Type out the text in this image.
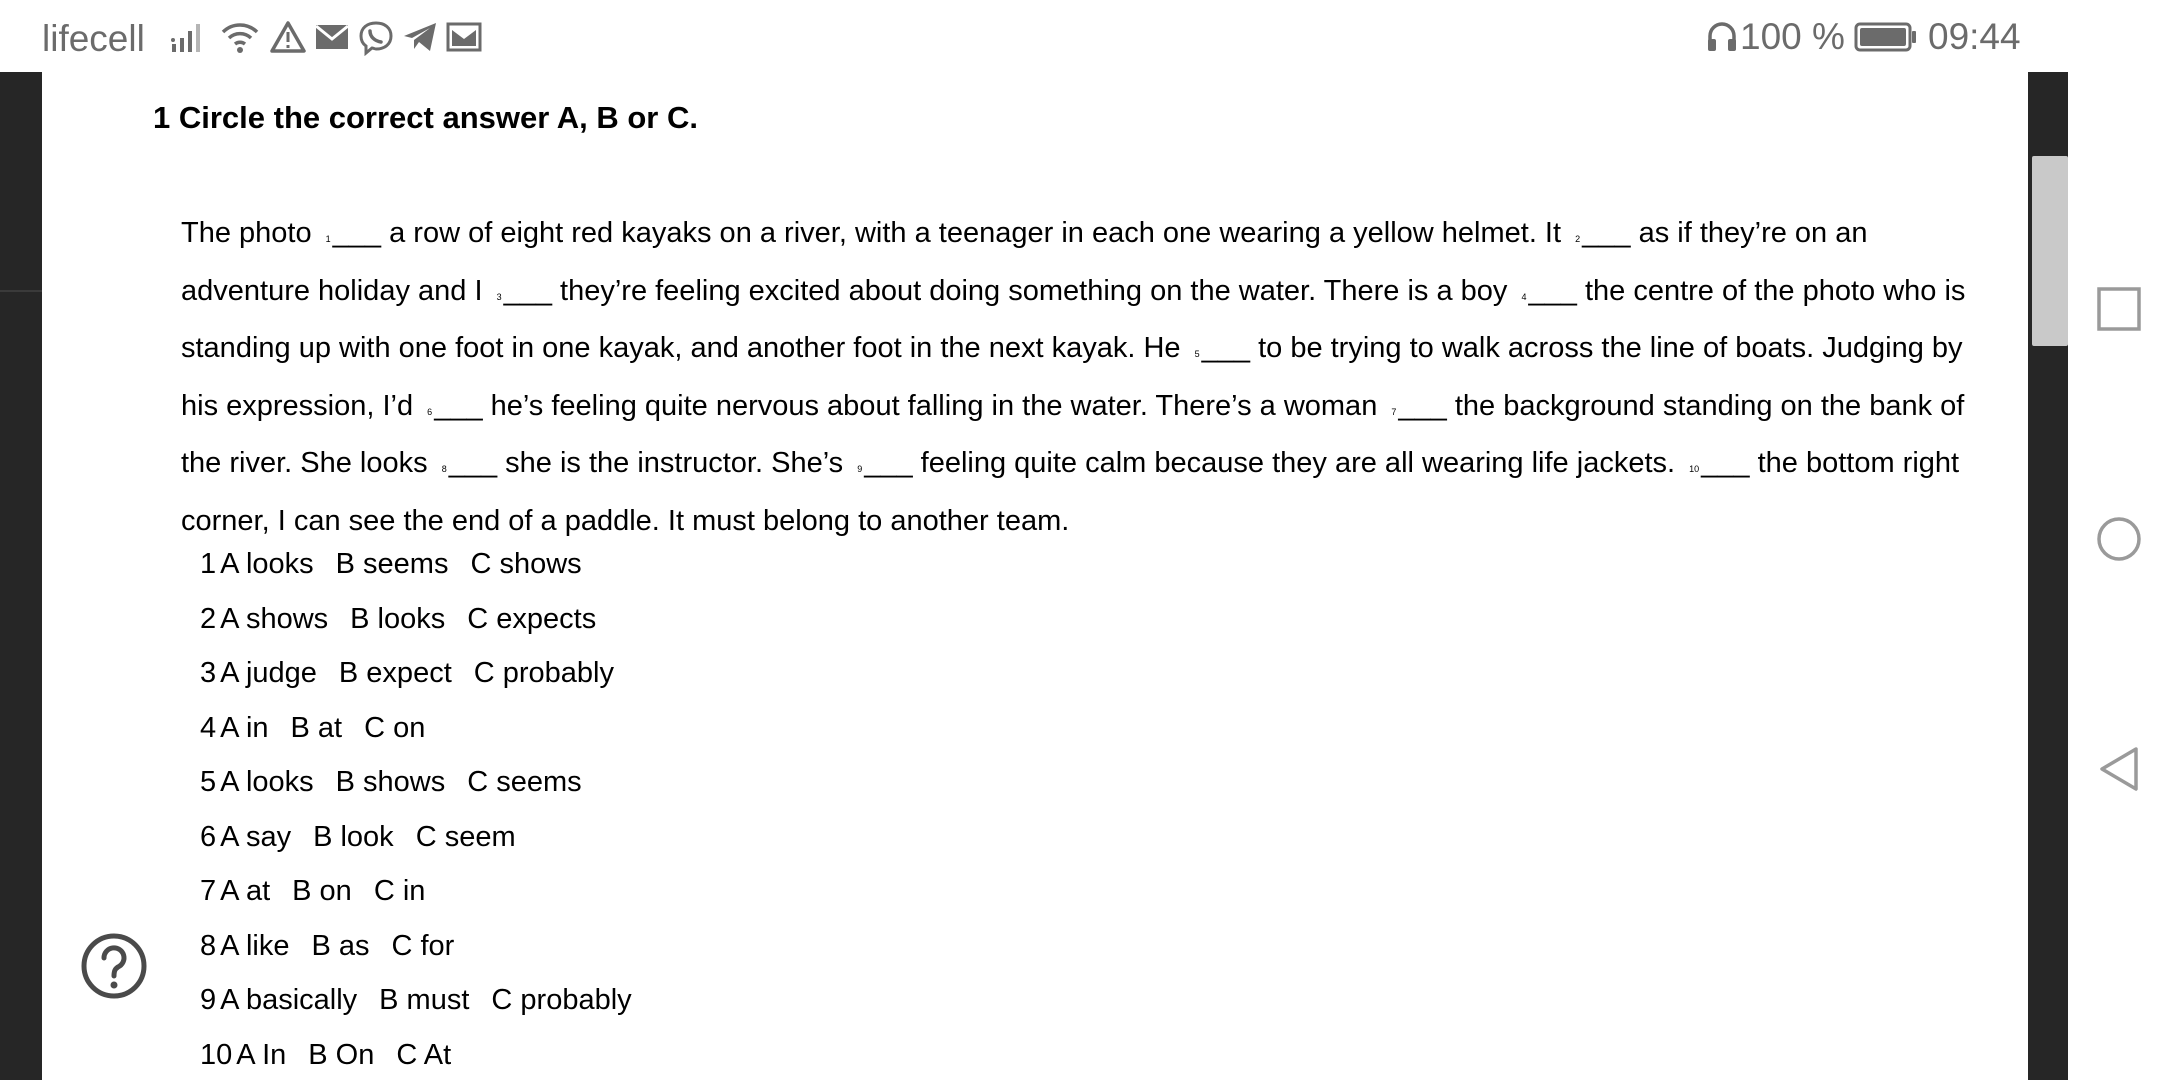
lifecell	100 % 09:44
1 Circle the correct answer A, B or C.
The photo 1___ a row of eight red kayaks on a river, with a teenager in each one wearing a yellow helmet. It 2___ as if they’re on an adventure holiday and I 3___ they’re feeling excited about doing something on the water. There is a boy 4___ the centre of the photo who is standing up with one foot in one kayak, and another foot in the next kayak. He 5___ to be trying to walk across the line of boats. Judging by his expression, I’d 6___ he’s feeling quite nervous about falling in the water. There’s a woman 7___ the background standing on the bank of the river. She looks 8___ she is the instructor. She’s 9___ feeling quite calm because they are all wearing life jackets. 10___ the bottom right corner, I can see the end of a paddle. It must belong to another team.
1 A looks B seems C shows
2 A shows B looks C expects
3 A judge B expect C probably
4 A in B at C on
5 A looks B shows C seems
6 A say B look C seem
7 A at B on C in
8 A like B as C for
9 A basically B must C probably
10 A In B On C At
